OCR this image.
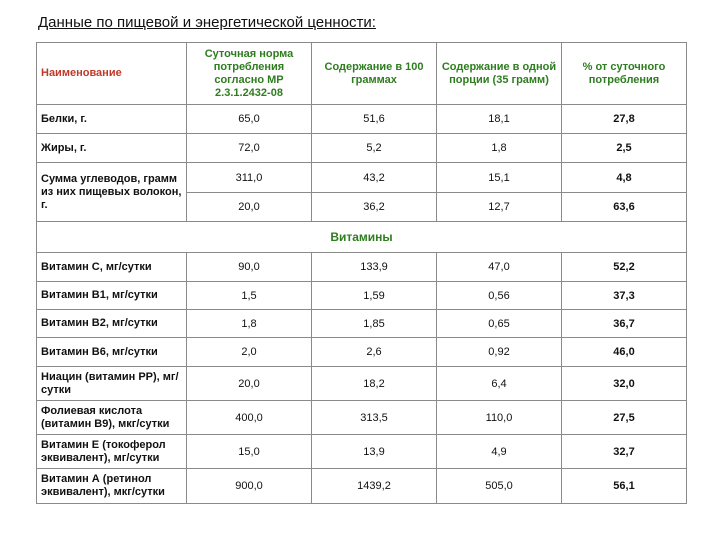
Данные по пищевой и энергетической ценности:
Наименование	Суточная норма потребления согласно МР 2.3.1.2432-08	Содержание в 100 граммах	Содержание в одной порции (35 грамм)	% от суточного потребления
Белки, г.	65,0	51,6	18,1	27,8
Жиры, г.	72,0	5,2	1,8	2,5
Сумма углеводов, грамм из них пищевых волокон, г.	311,0	43,2	15,1	4,8
	20,0	36,2	12,7	63,6
Витамины				
Витамин С, мг/сутки	90,0	133,9	47,0	52,2
Витамин В1, мг/сутки	1,5	1,59	0,56	37,3
Витамин В2, мг/сутки	1,8	1,85	0,65	36,7
Витамин В6, мг/сутки	2,0	2,6	0,92	46,0
Ниацин (витамин РР), мг/сутки	20,0	18,2	6,4	32,0
Фолиевая кислота (витамин В9), мкг/сутки	400,0	313,5	110,0	27,5
Витамин Е (токоферол эквивалент), мг/сутки	15,0	13,9	4,9	32,7
Витамин А (ретинол эквивалент), мкг/сутки	900,0	1439,2	505,0	56,1
